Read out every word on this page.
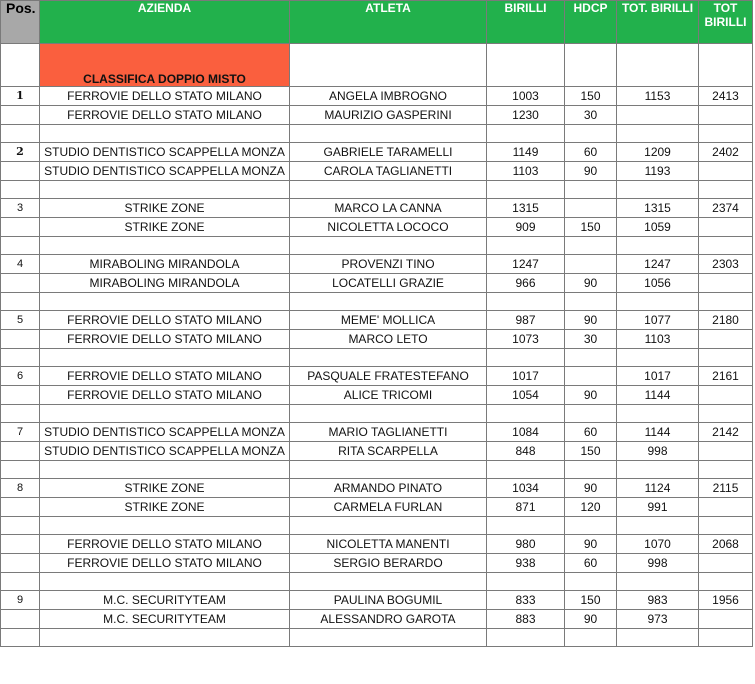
Pos.	AZIENDA	ATLETA	BIRILLI	HDCP	TOT. BIRILLI	TOT
BIRILLI
	CLASSIFICA DOPPIO MISTO					
1	FERROVIE DELLO STATO MILANO	ANGELA IMBROGNO	1003	150	1153	2413
	FERROVIE DELLO STATO MILANO	MAURIZIO GASPERINI	1230	30		

2	STUDIO DENTISTICO SCAPPELLA MONZA	GABRIELE TARAMELLI	1149	60	1209	2402
	STUDIO DENTISTICO SCAPPELLA MONZA	CAROLA TAGLIANETTI	1103	90	1193	

3	STRIKE ZONE	MARCO LA CANNA	1315		1315	2374
	STRIKE ZONE	NICOLETTA LOCOCO	909	150	1059	

4	MIRABOLING MIRANDOLA	PROVENZI TINO	1247		1247	2303
	MIRABOLING MIRANDOLA	LOCATELLI GRAZIE	966	90	1056	

5	FERROVIE DELLO STATO MILANO	MEME' MOLLICA	987	90	1077	2180
	FERROVIE DELLO STATO MILANO	MARCO LETO	1073	30	1103	

6	FERROVIE DELLO STATO MILANO	PASQUALE FRATESTEFANO	1017		1017	2161
	FERROVIE DELLO STATO MILANO	ALICE TRICOMI	1054	90	1144	

7	STUDIO DENTISTICO SCAPPELLA MONZA	MARIO TAGLIANETTI	1084	60	1144	2142
	STUDIO DENTISTICO SCAPPELLA MONZA	RITA SCARPELLA	848	150	998	

8	STRIKE ZONE	ARMANDO PINATO	1034	90	1124	2115
	STRIKE ZONE	CARMELA FURLAN	871	120	991	

	FERROVIE DELLO STATO MILANO	NICOLETTA MANENTI	980	90	1070	2068
	FERROVIE DELLO STATO MILANO	SERGIO BERARDO	938	60	998	

9	M.C. SECURITYTEAM	PAULINA BOGUMIL	833	150	983	1956
	M.C. SECURITYTEAM	ALESSANDRO GAROTA	883	90	973	
